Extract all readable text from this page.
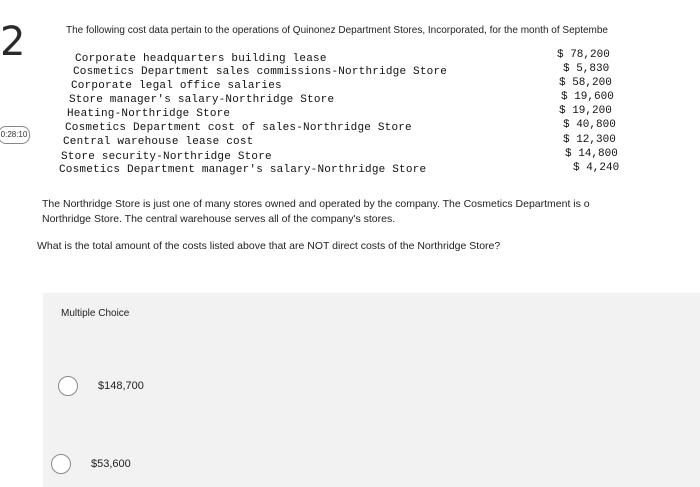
2
0:28:10
The following cost data pertain to the operations of Quinonez Department Stores, Incorporated, for the month of Septembe
Corporate headquarters building lease	$ 78,200
Cosmetics Department sales commissions-Northridge Store	$ 5,830
Corporate legal office salaries	$ 58,200
Store manager's salary-Northridge Store	$ 19,600
Heating-Northridge Store	$ 19,200
Cosmetics Department cost of sales-Northridge Store	$ 40,800
Central warehouse lease cost	$ 12,300
Store security-Northridge Store	$ 14,800
Cosmetics Department manager's salary-Northridge Store	$ 4,240
The Northridge Store is just one of many stores owned and operated by the company. The Cosmetics Department is o
Northridge Store. The central warehouse serves all of the company's stores.
What is the total amount of the costs listed above that are NOT direct costs of the Northridge Store?
Multiple Choice
$148,700
$53,600
